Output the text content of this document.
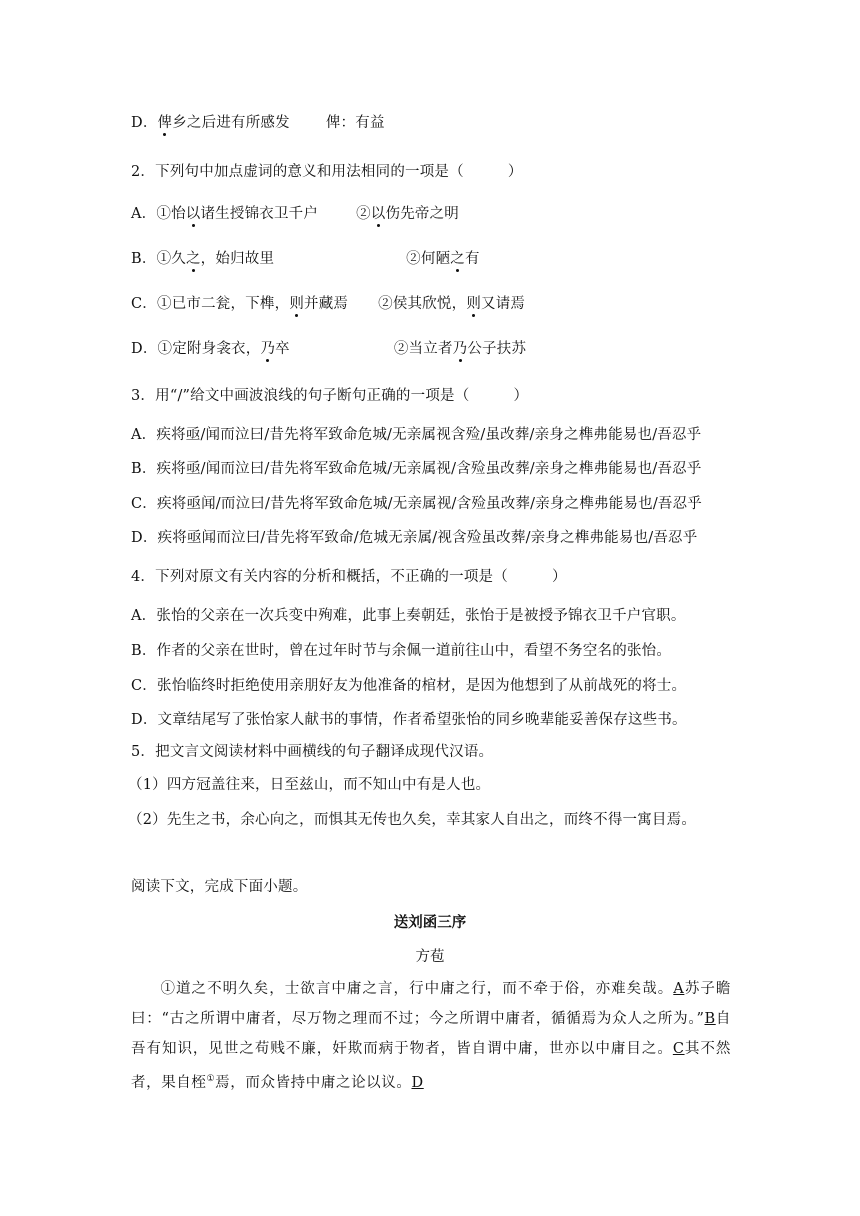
D．俾乡之后进有所感发 俾：有益
2．下列句中加点虚词的意义和用法相同的一项是（　　　）
A．①怡以诸生授锦衣卫千户	②以伤先帝之明
B．①久之，始归故里	②何陋之有
C．①已市二瓮，下榫，则并藏焉 ②侯其欣悦，则又请焉
D．①定附身衾衣，乃卒	②当立者乃公子扶苏
3．用“/”给文中画波浪线的句子断句正确的一项是（　　　）
A．疾将亟/闻而泣曰/昔先将军致命危城/无亲属视含殓/虽改葬/亲身之榫弗能易也/吾忍乎
B．疾将亟/闻而泣曰/昔先将军致命危城/无亲属视/含殓虽改葬/亲身之榫弗能易也/吾忍乎
C．疾将亟闻/而泣曰/昔先将军致命危城/无亲属视/含殓虽改葬/亲身之榫弗能易也/吾忍乎
D．疾将亟闻而泣曰/昔先将军致命/危城无亲属/视含殓虽改葬/亲身之榫弗能易也/吾忍乎
4．下列对原文有关内容的分析和概括，不正确的一项是（　　　）
A．张怡的父亲在一次兵变中殉难，此事上奏朝廷，张怡于是被授予锦衣卫千户官职。
B．作者的父亲在世时，曾在过年时节与余佩一道前往山中，看望不务空名的张怡。
C．张怡临终时拒绝使用亲朋好友为他准备的棺材，是因为他想到了从前战死的将士。
D．文章结尾写了张怡家人献书的事情，作者希望张怡的同乡晚辈能妥善保存这些书。
5．把文言文阅读材料中画横线的句子翻译成现代汉语。
（1）四方冠盖往来，日至兹山，而不知山中有是人也。
（2）先生之书，余心向之，而惧其无传也久矣，幸其家人自出之，而终不得一寓目焉。
阅读下文，完成下面小题。
送刘函三序
方苞
①道之不明久矣，士欲言中庸之言，行中庸之行，而不牵于俗，亦难矣哉。A苏子瞻曰：“古之所谓中庸者，尽万物之理而不过；今之所谓中庸者，循循焉为众人之所为。”B自吾有知识，见世之苟贱不廉，奸欺而病于物者，皆自谓中庸，世亦以中庸目之。C其不然者，果自桎①焉，而众皆持中庸之论以议。D
